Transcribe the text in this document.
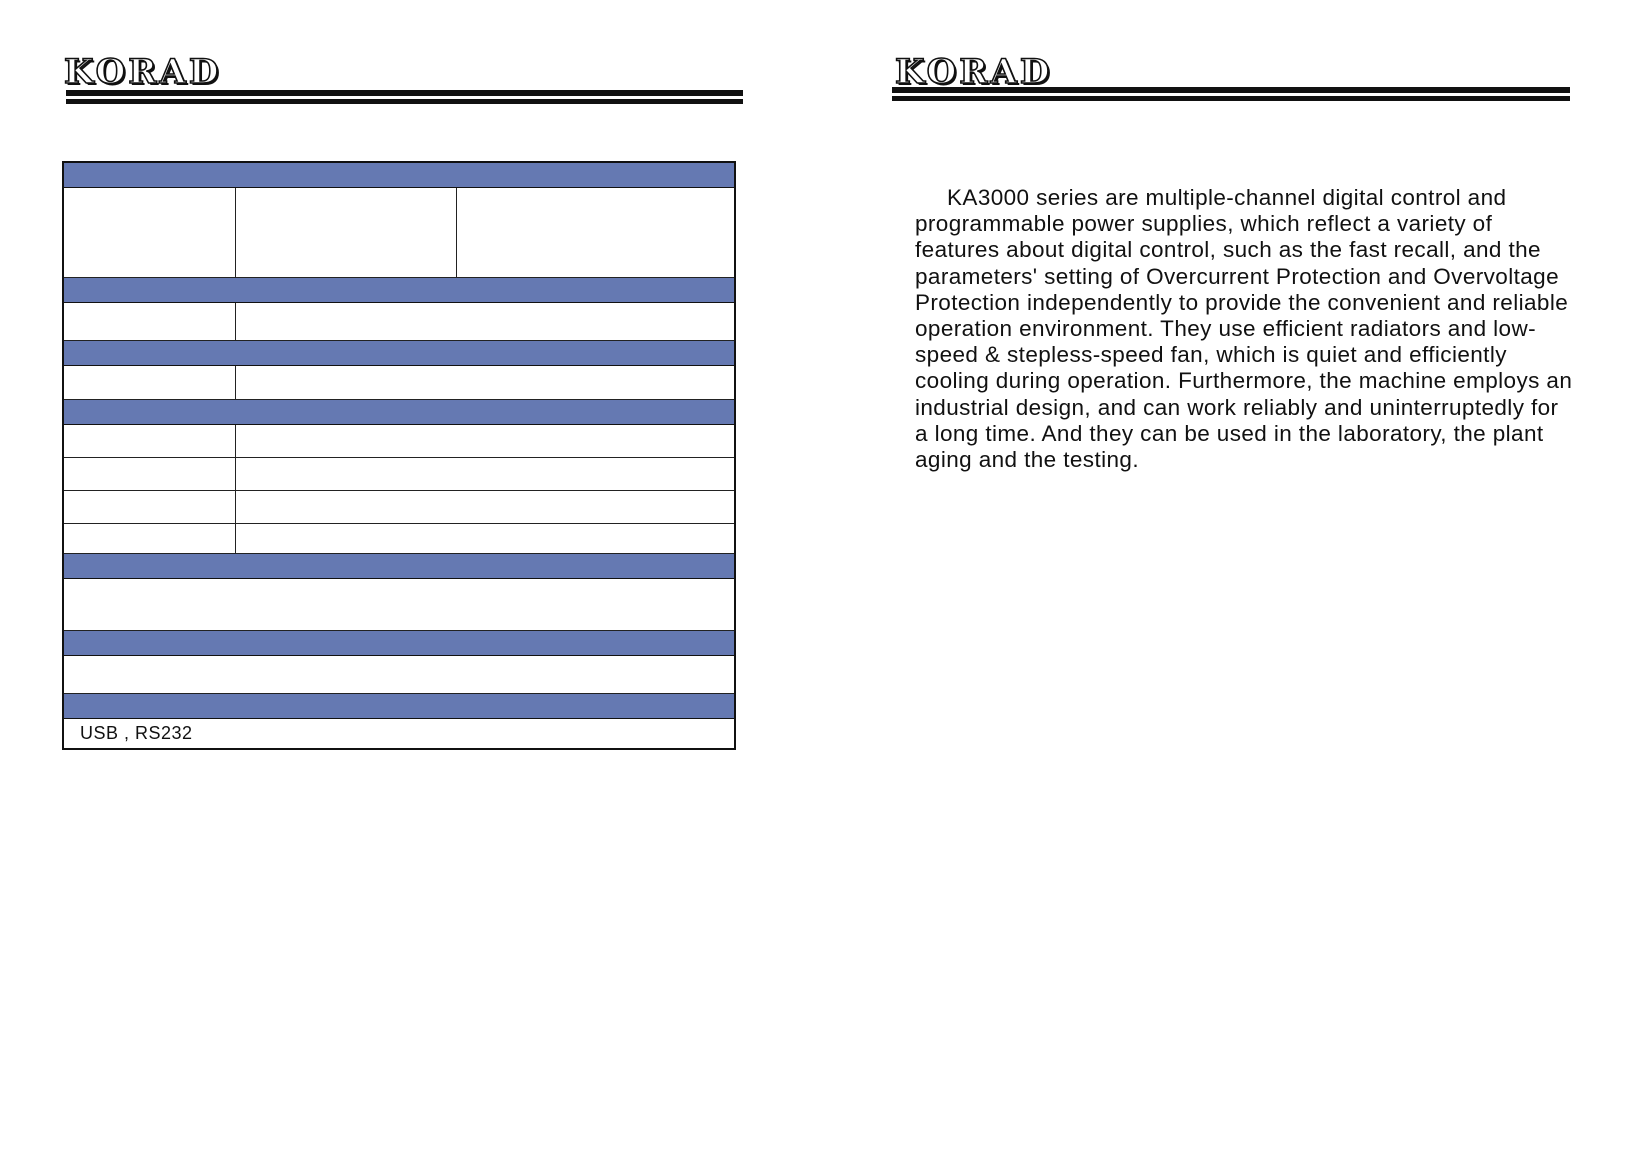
KORAD

USB , RS232		
KORAD

KA3000 series are multiple-channel digital control and programmable power supplies, which reflect a variety of features about digital control, such as the fast recall, and the parameters' setting of Overcurrent Protection and Overvoltage Protection independently to provide the convenient and reliable operation environment. They use efficient radiators and low-speed & stepless-speed fan, which is quiet and efficiently cooling during operation. Furthermore, the machine employs an industrial design, and can work reliably and uninterruptedly for a long time. And they can be used in the laboratory, the plant aging and the testing.
